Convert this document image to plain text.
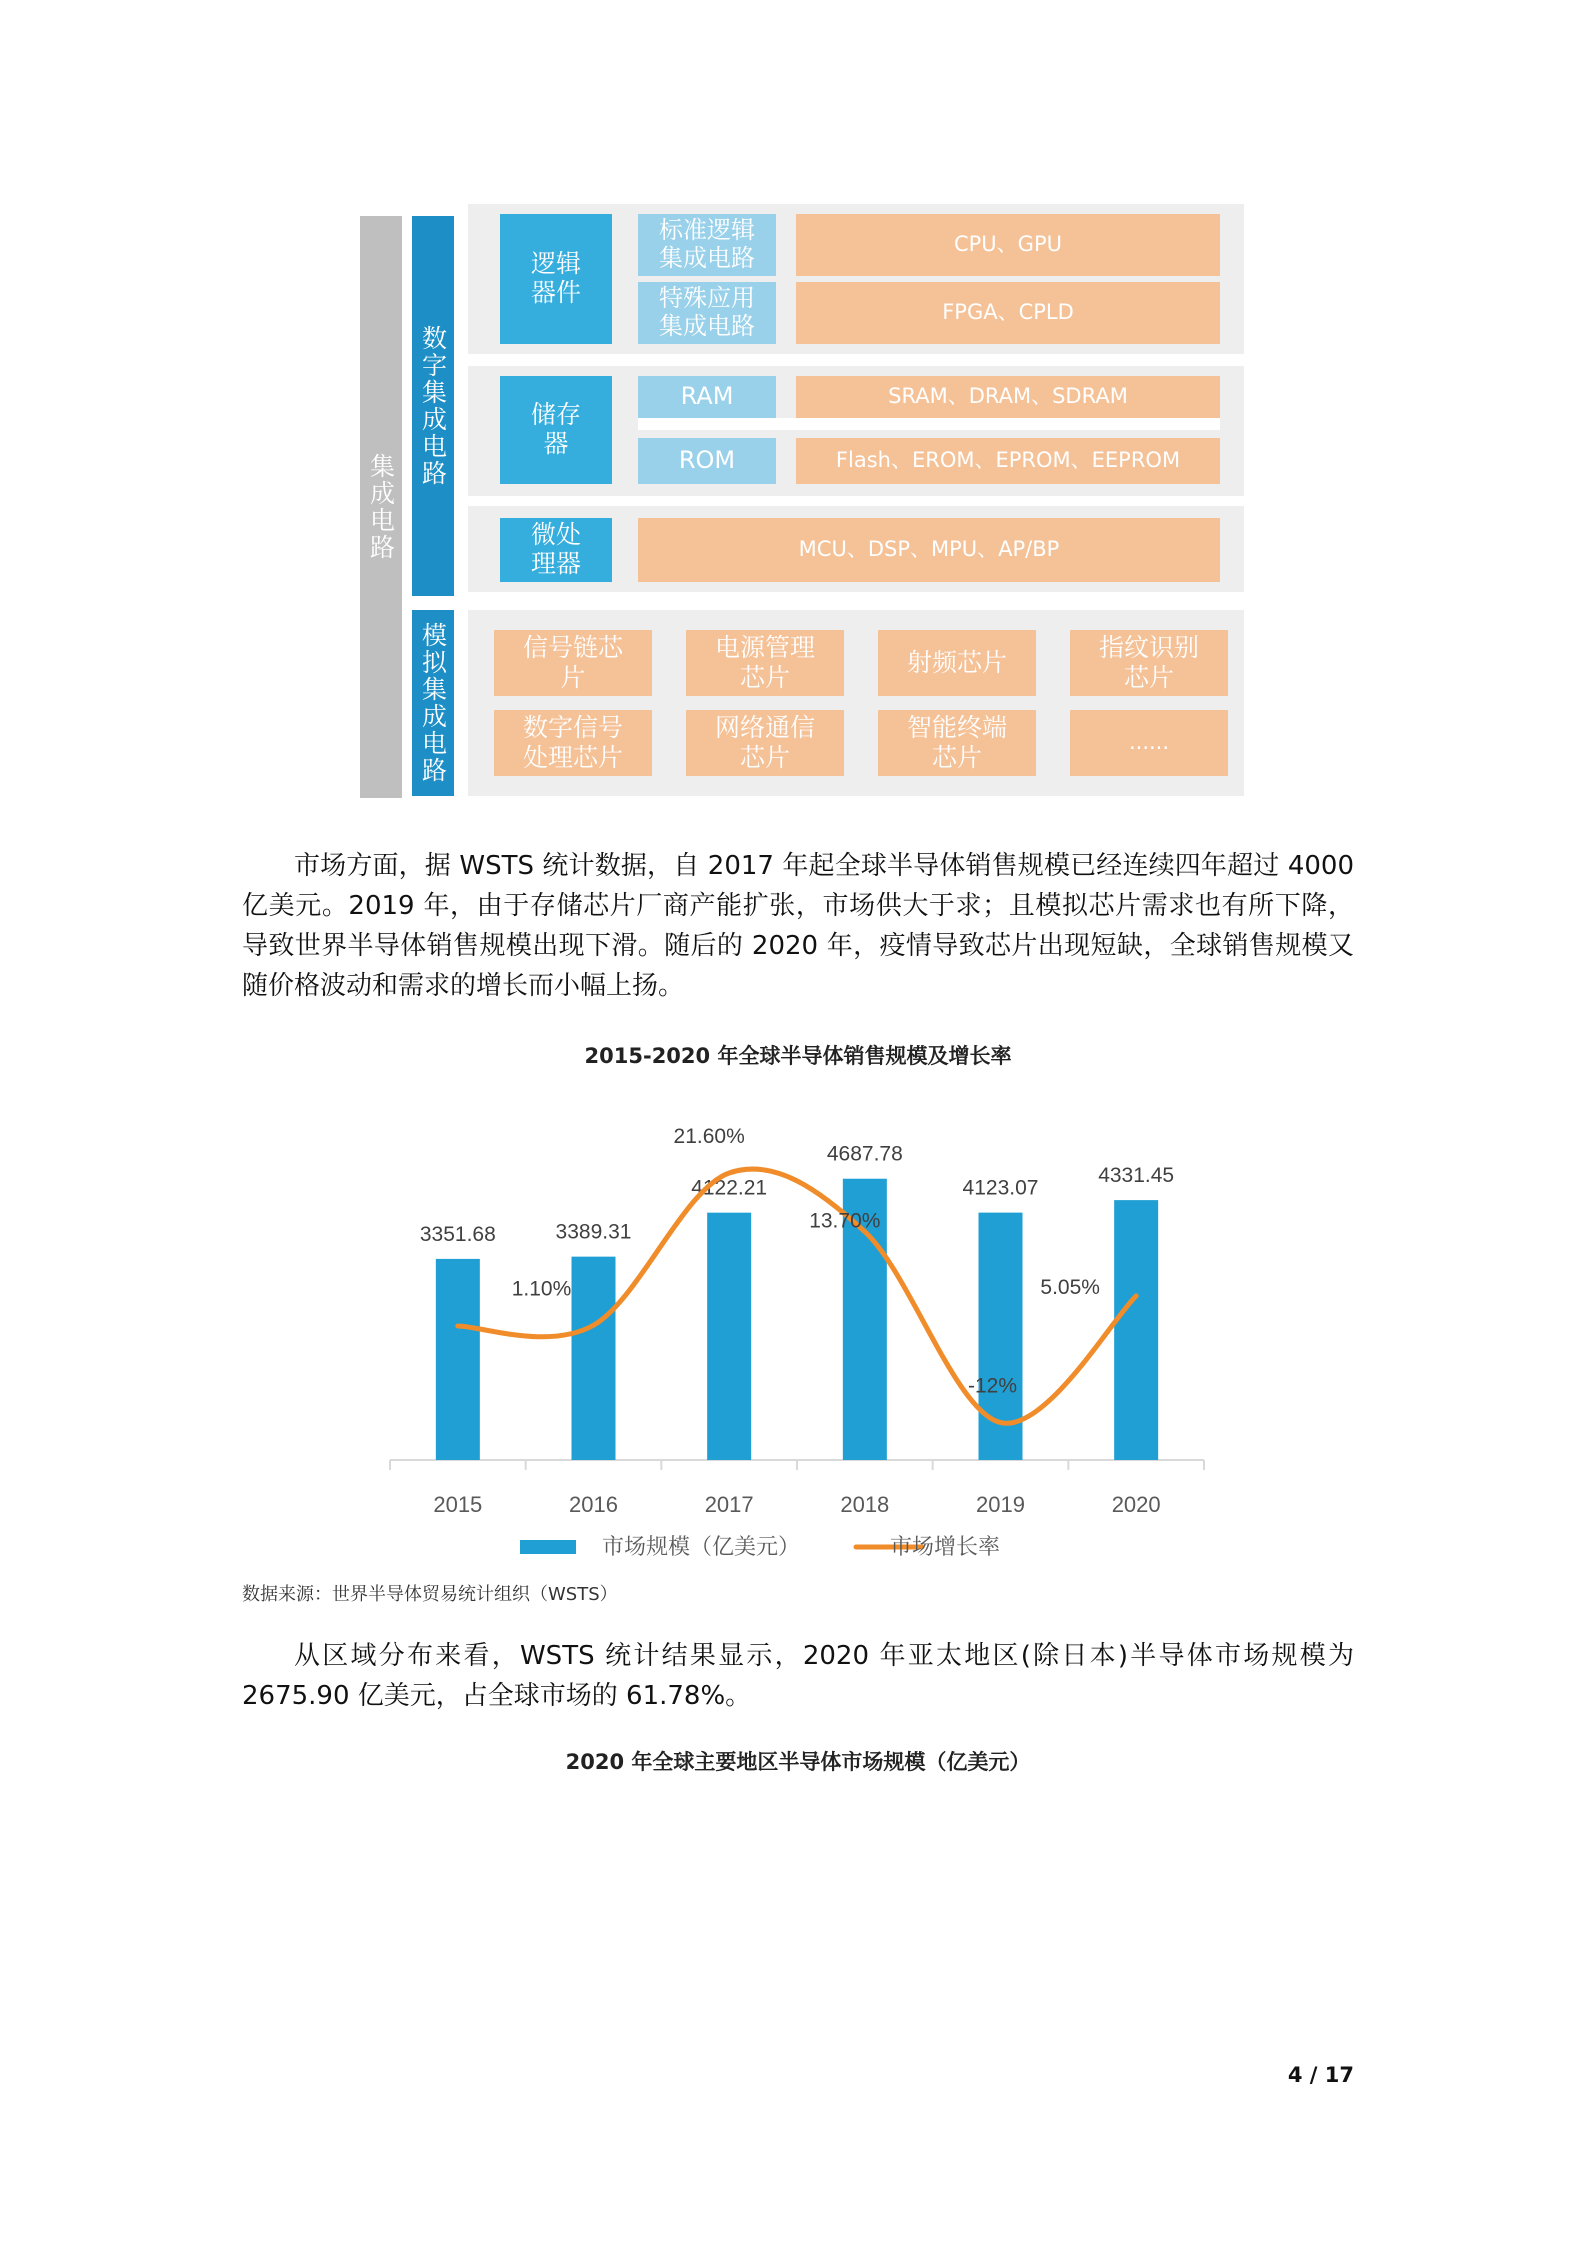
集成电路
数字集成电路
模拟集成电路
逻辑器件
标准逻辑集成电路
特殊应用集成电路
CPU、GPU
FPGA、CPLD
储存器
RAM
ROM
SRAM、DRAM、SDRAM
Flash、EROM、EPROM、EEPROM
微处理器	MCU、DSP、MPU、AP/BP
信号链芯片
电源管理芯片
射频芯片
指纹识别芯片
数字信号处理芯片
网络通信芯片
智能终端芯片
......

市场方面，据 WSTS 统计数据，自 2017 年起全球半导体销售规模已经连续四年超过 4000 亿美元。2019 年，由于存储芯片厂商产能扩张，市场供大于求；且模拟芯片需求也有所下降，导致世界半导体销售规模出现下滑。随后的 2020 年，疫情导致芯片出现短缺，全球销售规模又随价格波动和需求的增长而小幅上扬。

2015-2020 年全球半导体销售规模及增长率
3351.68	3389.31
4122.21
4687.78
4123.07
4331.45
2015	2016	2017	2018	2019	2020
1.10%
21.60%
13.70%
-12%
5.05%
市场规模（亿美元）	市场增长率
数据来源：世界半导体贸易统计组织（WSTS）

从区域分布来看，WSTS 统计结果显示，2020 年亚太地区(除日本)半导体市场规模为 2675.90 亿美元，占全球市场的 61.78%。

2020 年全球主要地区半导体市场规模（亿美元）
4 / 17
